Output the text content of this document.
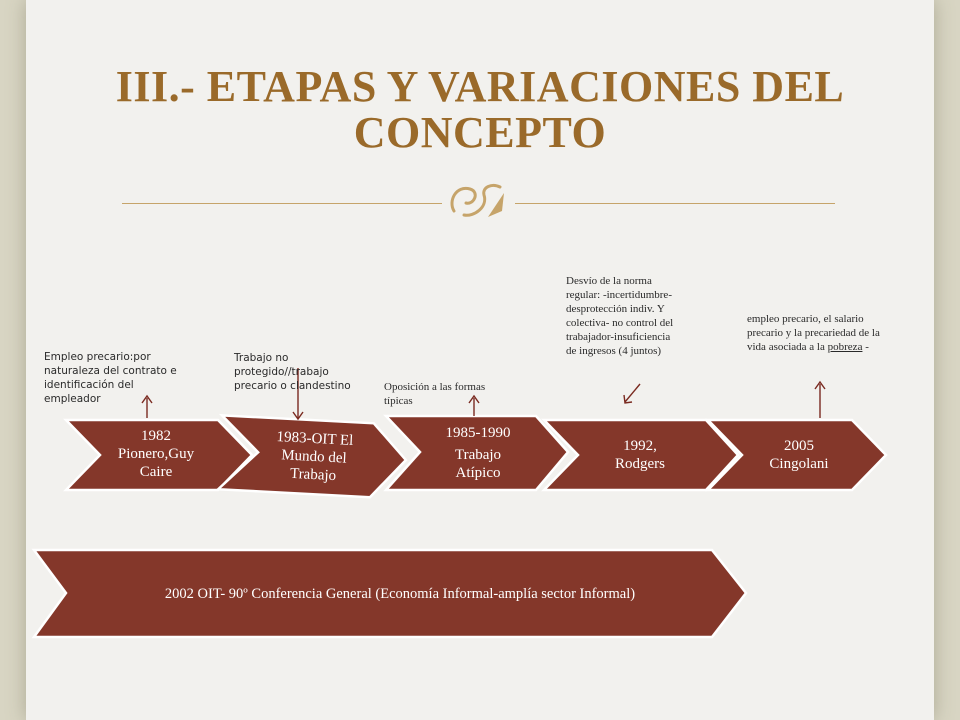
III.- ETAPAS Y VARIACIONES DEL
CONCEPTO
1982
Pionero,Guy
Caire
1983-OIT El
Mundo del
Trabajo
1985-1990
Trabajo
Atípico
1992,
Rodgers
2005
Cingolani
Empleo precario:por
naturaleza del contrato e
identificación del
empleador
Trabajo no
protegido//trabajo
precario o clandestino	Oposición a las formas
típicas
Desvío de la norma
regular: -incertidumbre-
desprotección indiv. Y
colectiva- no control del
trabajador-insuficiencia
de ingresos (4 juntos)
empleo precario, el salario
precario y la precariedad de la
vida asociada a la pobreza -
2002 OIT- 90º Conferencia General (Economía Informal-amplía sector Informal)
